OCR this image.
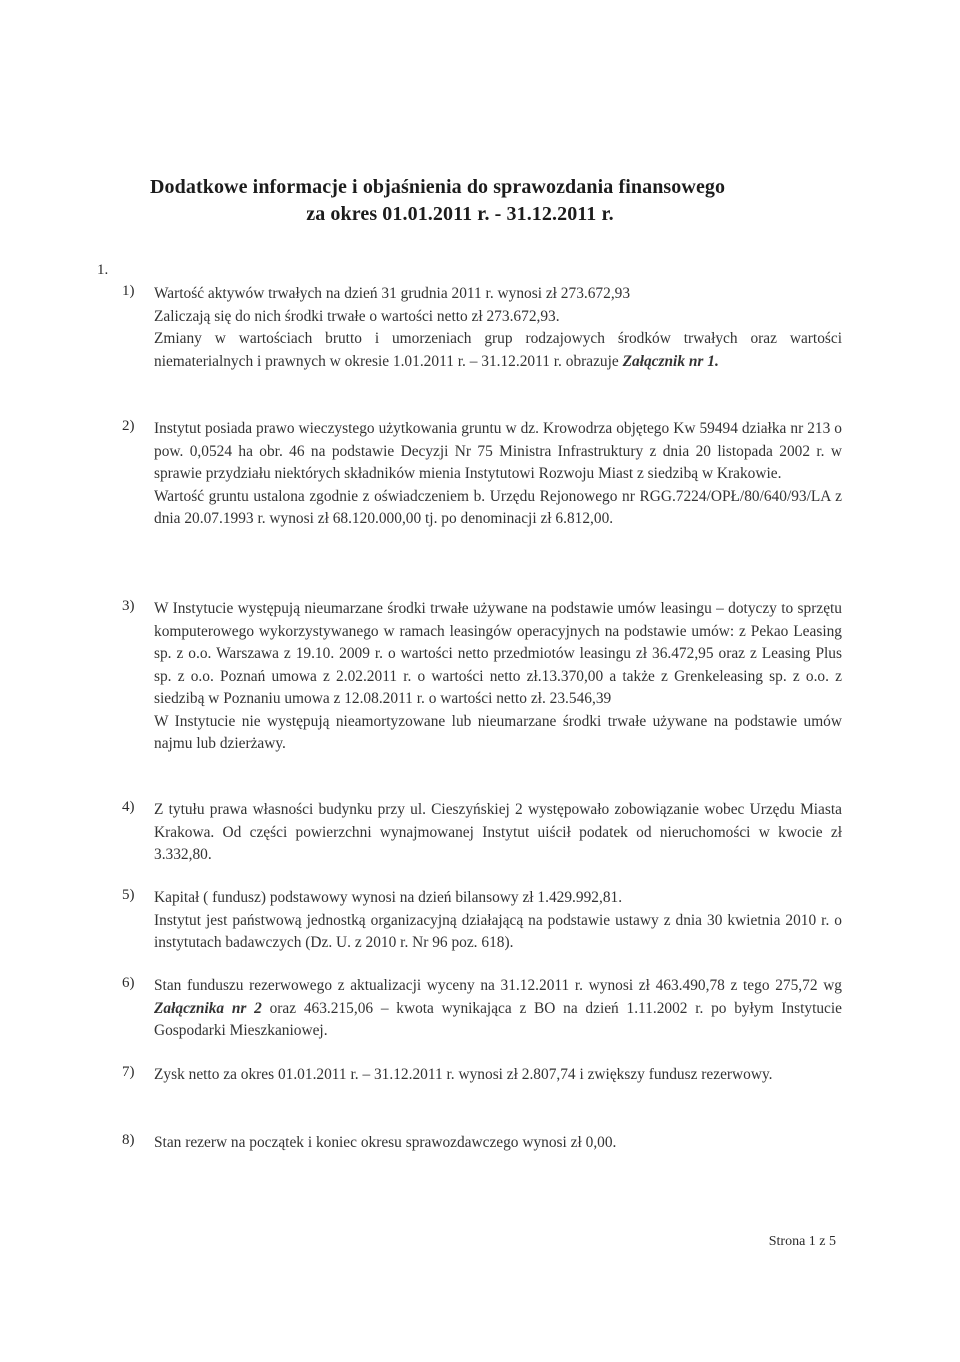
Dodatkowe informacje i objaśnienia do sprawozdania finansowego
za okres 01.01.2011 r. - 31.12.2011 r.
1.
1)	Wartość aktywów trwałych na dzień 31 grudnia 2011 r. wynosi zł 273.672,93

Zaliczają się do nich środki trwałe o wartości netto zł 273.672,93.

Zmiany w wartościach brutto i umorzeniach grup rodzajowych środków trwałych oraz wartości niematerialnych i prawnych w okresie 1.01.2011 r. – 31.12.2011 r. obrazuje Załącznik nr 1.

2)	Instytut posiada prawo wieczystego użytkowania gruntu w dz. Krowodrza objętego Kw 59494 działka nr 213 o pow. 0,0524 ha obr. 46 na podstawie Decyzji Nr 75 Ministra Infrastruktury z dnia 20 listopada 2002 r. w sprawie przydziału niektórych składników mienia Instytutowi Rozwoju Miast z siedzibą w Krakowie.

Wartość gruntu ustalona zgodnie z oświadczeniem b. Urzędu Rejonowego nr RGG.7224/OPŁ/80/640/93/LA z dnia 20.07.1993 r. wynosi zł 68.120.000,00 tj. po denominacji zł 6.812,00.

3)	W Instytucie występują nieumarzane środki trwałe używane na podstawie umów leasingu – dotyczy to sprzętu komputerowego wykorzystywanego w ramach leasingów operacyjnych na podstawie umów: z Pekao Leasing sp. z o.o. Warszawa z 19.10. 2009 r. o wartości netto przedmiotów leasingu zł 36.472,95 oraz z Leasing Plus sp. z o.o. Poznań umowa z 2.02.2011 r. o wartości netto zł.13.370,00 a także z Grenkeleasing sp. z o.o. z siedzibą w Poznaniu umowa z 12.08.2011 r. o wartości netto zł. 23.546,39

W Instytucie nie występują nieamortyzowane lub nieumarzane środki trwałe używane na podstawie umów najmu lub dzierżawy.

4)	Z tytułu prawa własności budynku przy ul. Cieszyńskiej 2 występowało zobowiązanie wobec Urzędu Miasta Krakowa. Od części powierzchni wynajmowanej Instytut uiścił podatek od nieruchomości w kwocie zł 3.332,80.

5)	Kapitał ( fundusz) podstawowy wynosi na dzień bilansowy zł 1.429.992,81.

Instytut jest państwową jednostką organizacyjną działającą na podstawie ustawy z dnia 30 kwietnia 2010 r. o instytutach badawczych (Dz. U. z 2010 r. Nr 96 poz. 618).

6)	Stan funduszu rezerwowego z aktualizacji wyceny na 31.12.2011 r. wynosi zł 463.490,78 z tego 275,72 wg Załącznika nr 2 oraz 463.215,06 – kwota wynikająca z BO na dzień 1.11.2002 r. po byłym Instytucie Gospodarki Mieszkaniowej.

7)	Zysk netto za okres 01.01.2011 r. – 31.12.2011 r. wynosi zł 2.807,74 i zwiększy fundusz rezerwowy.

8)	Stan rezerw na początek i koniec okresu sprawozdawczego wynosi zł 0,00.

Strona 1 z 5
